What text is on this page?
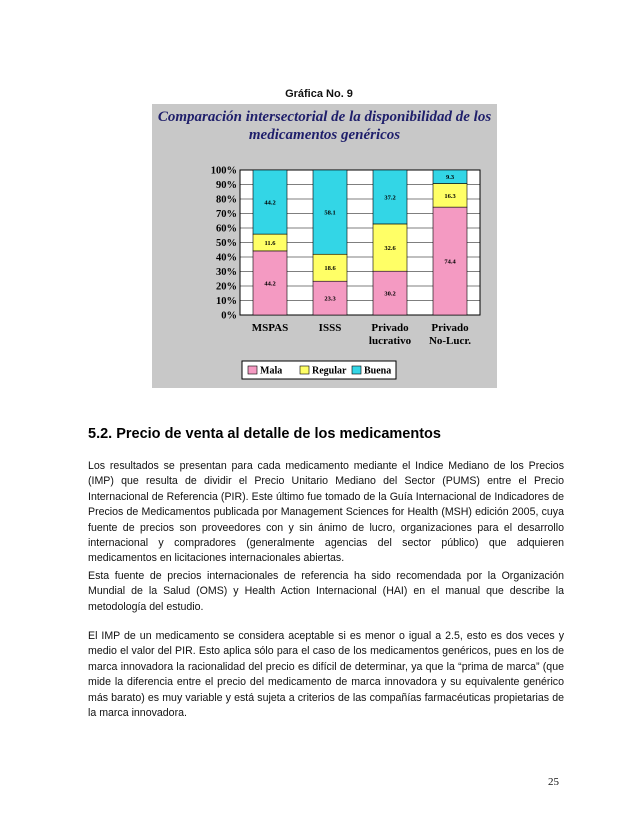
Gráfica No. 9
Comparación intersectorial de la disponibilidad de los
medicamentos genéricos
0%
10%
20%
30%
40%
50%
60%
70%
80%
90%
100%
44.2
11.6
44.2
MSPAS
23.3
18.6
58.1
ISSS
30.2
32.6
37.2
Privado
lucrativo
74.4
16.3
9.3
Privado
No-Lucr.
Mala	Regular Buena
5.2. Precio de venta al detalle de los medicamentos

Los resultados se presentan para cada medicamento mediante el Indice Mediano de los Precios (IMP) que resulta de dividir el Precio Unitario Mediano del Sector (PUMS) entre el Precio Internacional de Referencia (PIR). Este último fue tomado de la Guía Internacional de Indicadores de Precios de Medicamentos publicada por Management Sciences for Health (MSH) edición 2005, cuya fuente de precios son proveedores con y sin ánimo de lucro, organizaciones para el desarrollo internacional y compradores (generalmente agencias del sector público) que adquieren medicamentos en licitaciones internacionales abiertas.

Esta fuente de precios internacionales de referencia ha sido recomendada por la Organización Mundial de la Salud (OMS) y Health Action Internacional (HAI) en el manual que describe la metodología del estudio.

El IMP de un medicamento se considera aceptable si es menor o igual a 2.5, esto es dos veces y medio el valor del PIR. Esto aplica sólo para el caso de los medicamentos genéricos, pues en los de marca innovadora la racionalidad del precio es difícil de determinar, ya que la “prima de marca” (que mide la diferencia entre el precio del medicamento de marca innovadora y su equivalente genérico más barato) es muy variable y está sujeta a criterios de las compañías farmacéuticas propietarias de la marca innovadora.

25
